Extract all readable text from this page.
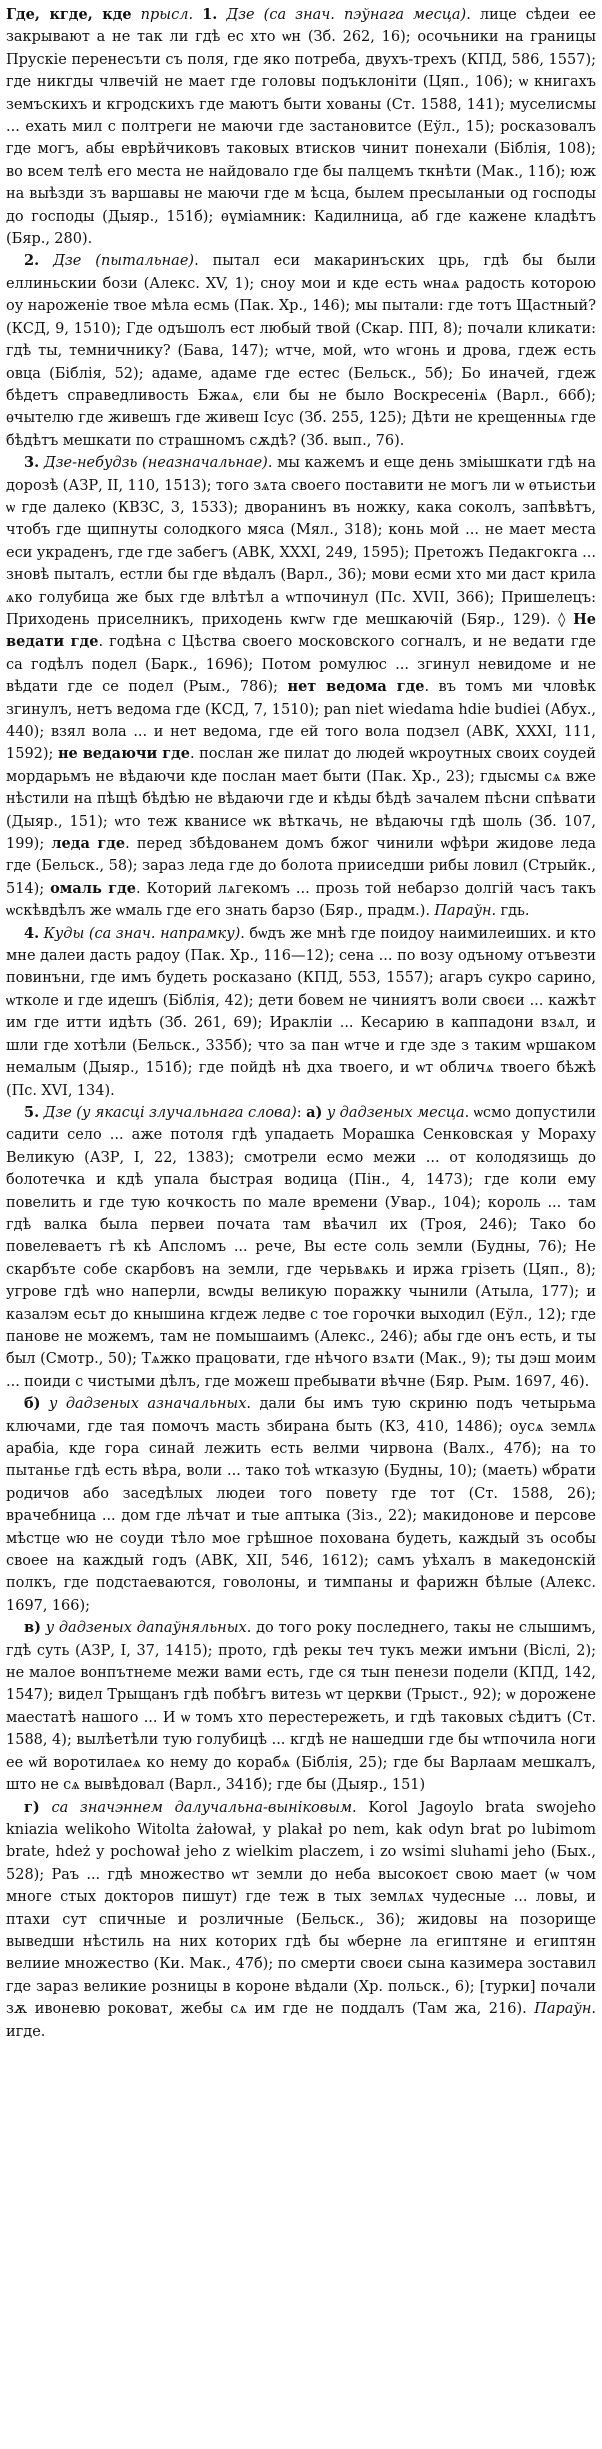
Где, кгде, кде прысл. 1. Дзе (са знач. пэўнага месца). лице сѣдеи ее закрывают а не так ли гдѣ ес хто ѡн (Зб. 262, 16); осочьники на границы Прускіе перенесъти съ поля, где яко потреба, двухъ-трехъ (КПД, 586, 1557); где никгды члвечій не мает где головы подъклоніти (Цяп., 106); ѡ книгахъ земъскихъ и кгродскихъ где маютъ быти хованы (Ст. 1588, 141); муселисмы ... ехать мил с полтреги не маючи где застановитсе (Еўл., 15); росказовалъ где могъ, абы еврѣйчиковъ таковых втисков чинит понехали (Біблія, 108); во всем телѣ его места не найдовало где бы палцемъ ткнѣти (Мак., 11б); юж на выѣзди зъ варшавы не маючи где м ѣсца, былем пресыланыи од господы до господы (Дыяр., 151б); ѳүміамник: Кадилница, аб где кажене кладѣтъ (Бяр., 280).

2. Дзе (пытальнае). пытал еси макаринъских црь, гдѣ бы были еллиньскии бози (Алекс. XV, 1); сноу мои и кде есть ѡнаѧ радость которою оу нароженіе твое мѣла есмь (Пак. Хр., 146); мы пытали: где тотъ Щастный? (КСД, 9, 1510); Где одъшолъ ест любый твой (Скар. ПП, 8); почали кликати: гдѣ ты, темничнику? (Бава, 147); ѡтче, мой, ѡто ѡгонь и дрова, гдеж есть овца (Біблія, 52); адаме, адаме где естес (Бельск., 5б); Бо иначей, гдеж бѣдетъ справедливость Бжаѧ, єли бы не было Воскресеніѧ (Варл., 66б); ѳчытелю где живешъ где живеш Ісус (Зб. 255, 125); Дѣти не крещенныѧ где бѣдѣтъ мешкати по страшномъ сѫдѣ? (Зб. вып., 76).

3. Дзе-небудзь (неазначальнае). мы кажемъ и еще день зміышкати гдѣ на дорозѣ (АЗР, II, 110, 1513); того зѧта своего поставити не могъ ли ѡ ѳтьистьи ѡ где далеко (КВЗС, 3, 1533); дворанинъ въ ножку, кака соколъ, запѣвѣтъ, чтобъ где щипнуты солодкого мяса (Мял., 318); конь мой ... не мает места еси украденъ, где где забегъ (АВК, XXXI, 249, 1595); Претожъ Педакгокга ... зновѣ пыталъ, естли бы где вѣдалъ (Варл., 36); мови есми хто ми даст крила ѧко голубица же бых где влѣтѣл а ѡтпочинул (Пс. XVII, 366); Пришелецъ: Приходень приселникъ, приходень кѡгѡ где мешкаючій (Бяр., 129). ◊ Не ведати где. годѣна с Цѣства своего московского согналъ, и не ведати где са годѣлъ подел (Барк., 1696); Потом ромулюс ... згинул невидоме и не вѣдати где се подел (Рым., 786); нет ведома где. въ томъ ми чловѣк згинулъ, нетъ ведома где (КСД, 7, 1510); pan niet wiedama hdie budiei (Абух., 440); взял вола ... и нет ведома, где ей того вола подзел (АВК, XXXI, 111, 1592); не ведаючи где. послан же пилат до людей ѡкроутных своих соудей мордарьмъ не вѣдаючи кде послан мает быти (Пак. Хр., 23); гдысмы сѧ вже нѣстили на пѣщѣ бѣдѣю не вѣдаючи где и кѣды бѣдѣ зачалем пѣсни спѣвати (Дыяр., 151); ѡто теж кванисе ѡк вѣткачь, не вѣдаючы гдѣ шоль (Зб. 107, 199); леда где. перед збѣдованем домъ бжог чинили ѡфѣри жидове леда где (Бельск., 58); зараз леда где до болота прииседши рибы ловил (Стрыйк., 514); омаль где. Которий лѧгекомъ ... прозь той небарзо долгій часъ такъ ѡскѣвдѣлъ же ѡмаль где его знать барзо (Бяр., прадм.). Параўн. гдь.

4. Куды (са знач. напрамку). бѡдъ же мнѣ где поидоу наимилеиших. и кто мне далеи дасть радоу (Пак. Хр., 116—12); сена ... по возу одъному отъвезти повинъни, где имъ будеть росказано (КПД, 553, 1557); агаръ сукро сарино, ѡтколе и где идешъ (Біблія, 42); дети бовем не чиниятъ воли своєи ... кажѣт им где итти идѣть (Зб. 261, 69); Иракліи ... Кесарию в каппадони взѧл, и шли где хотѣли (Бельск., 335б); что за пан ѡтче и где зде з таким ѡршаком немалым (Дыяр., 151б); где пойдѣ нѣ дха твоего, и ѡт обличѧ твоего бѣжѣ (Пс. XVI, 134).

5. Дзе (у якасці злучальнага слова): а) у дадзеных месца. ѡсмо допустили садити село ... аже потоля гдѣ упадаеть Морашка Сенковская у Мораху Великую (АЗР, I, 22, 1383); смотрели есмо межи ... от колодязищь до болотечка и кдѣ упала быстрая водица (Пін., 4, 1473); где коли ему повелить и где тую кочкость по мале времени (Увар., 104); король ... там гдѣ валка была первеи почата там вѣачил их (Троя, 246); Тако бо повелеваетъ гѣ кѣ Апсломъ ... рече, Вы есте соль земли (Будны, 76); Не скарбъте собе скарбовъ на земли, где черьвѧкь и иржа грізеть (Цяп., 8); угрове гдѣ ѡно наперли, всѡды великую поражку чынили (Атыла, 177); и казалэм есьт до кнышина кгдеж ледве с тое горочки выходил (Еўл., 12); где панове не можемъ, там не помышаимъ (Алекс., 246); абы где онъ есть, и ты был (Смотр., 50); Тѧжко працовати, где нѣчого взѧти (Мак., 9); ты дэш моим ... поиди с чистыми дѣлъ, где можеш пребывати вѣчне (Бяр. Рым. 1697, 46).

б) у дадзеных азначальных. дали бы имъ тую скриню подъ четырьма ключами, где тая помочъ масть збирана быть (КЗ, 410, 1486); оусѧ землѧ арабіа, кде гора синай лежить есть велми чирвона (Валх., 47б); на то пытанье гдѣ есть вѣра, воли ... тако тоѣ ѡтказую (Будны, 10); (маеть) ѡбрати родичов або заседѣлых людеи того повету где тот (Ст. 1588, 26); врачебница ... дом где лѣчат и тые аптыка (Зіз., 22); макидонове и персове мѣстце ѡю не соуди тѣло мое грѣшное похована будеть, каждый зъ особы своее на каждый годъ (АВК, XII, 546, 1612); самъ уѣхалъ в македонскій полкъ, где подстаеваются, говолоны, и тимпаны и фарижн бѣлые (Алекс. 1697, 166);

в) у дадзеных дапаўняльных. до того року последнего, такы не слышимъ, гдѣ суть (АЗР, I, 37, 1415); прото, гдѣ рекы теч тукъ межи имъни (Віслі, 2); не малое вонпътнеме межи вами есть, где ся тын пенези подели (КПД, 142, 1547); видел Трыщанъ гдѣ побѣгъ витезь ѡт церкви (Трыст., 92); ѡ дорожене маестатѣ нашого ... И ѡ томъ хто перестережеть, и гдѣ таковых сѣдитъ (Ст. 1588, 4); вылѣетѣли тую голубицѣ ... кгдѣ не нашедши где бы ѡтпочила ноги ее ѡй воротилаеѧ ко нему до корабѧ (Біблія, 25); где бы Варлаам мешкалъ, што не сѧ вывѣдовал (Варл., 341б); где бы (Дыяр., 151)

г) са значэннем далучальна-выніковым. Korol Jagoylo brata swojeho kniazia welikoho Witolta żałował, у plakał po nem, kak odyn brat po lubimom brate, hdeż у pochował jeho z wielkim placzem, i zo wsimi sluhami jeho (Быx., 528); Раъ ... гдѣ множество ѡт земли до неба высокоєт свою мает (ѡ чом многе стых докторов пишут) где теж в тых землѧх чудесные ... ловы, и птахи сут спичные и розличные (Бельск., 36); жидовы на позорище выведши нѣстиль на них которих гдѣ бы ѡберне ла египтяне и египтян велиие множество (Ки. Мак., 47б); по смерти своєи сына казимера зоставил где зараз великие розницы в короне вѣдали (Хр. польск., 6); [турки] почали зѫ ивоневю роковат, жебы сѧ им где не поддалъ (Там жа, 216). Параўн. игде.
